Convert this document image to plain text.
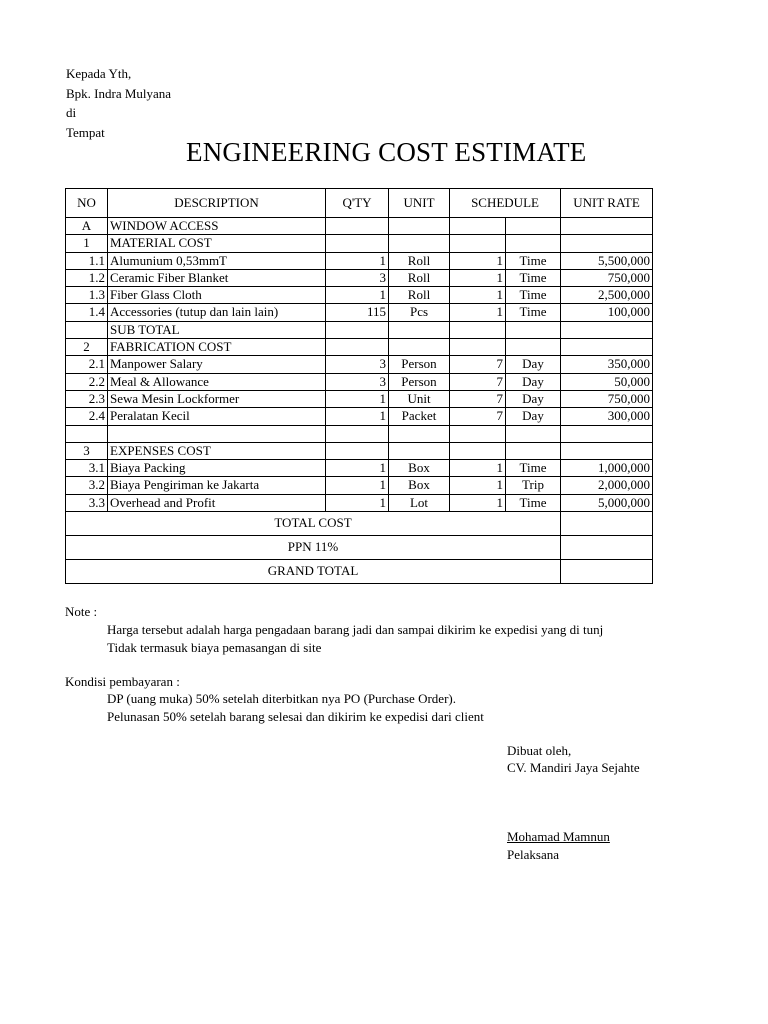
Kepada Yth,
Bpk. Indra Mulyana
di
Tempat
ENGINEERING COST ESTIMATE
NO	DESCRIPTION	Q'TY	UNIT	SCHEDULE		UNIT RATE
A	WINDOW ACCESS					
1	MATERIAL COST					
1.1	Alumunium 0,53mmT	1	Roll	1	Time	5,500,000
1.2	Ceramic Fiber Blanket	3	Roll	1	Time	750,000
1.3	Fiber Glass Cloth	1	Roll	1	Time	2,500,000
1.4	Accessories (tutup dan lain lain)	115	Pcs	1	Time	100,000
	SUB TOTAL					
2	FABRICATION COST					
2.1	Manpower Salary	3	Person	7	Day	350,000
2.2	Meal & Allowance	3	Person	7	Day	50,000
2.3	Sewa Mesin Lockformer	1	Unit	7	Day	750,000
2.4	Peralatan Kecil	1	Packet	7	Day	300,000

3	EXPENSES COST					
3.1	Biaya Packing	1	Box	1	Time	1,000,000
3.2	Biaya Pengiriman ke Jakarta	1	Box	1	Trip	2,000,000
3.3	Overhead and Profit	1	Lot	1	Time	5,000,000
TOTAL COST						
PPN 11%						
GRAND TOTAL						
Note :
Harga tersebut adalah harga pengadaan barang jadi dan sampai dikirim ke expedisi yang di tunj
Tidak termasuk biaya pemasangan di site
Kondisi pembayaran :
DP (uang muka) 50% setelah diterbitkan nya PO (Purchase Order).
Pelunasan 50% setelah barang selesai dan dikirim ke expedisi dari client
Dibuat oleh,
CV. Mandiri Jaya Sejahte
Mohamad Mamnun
Pelaksana
